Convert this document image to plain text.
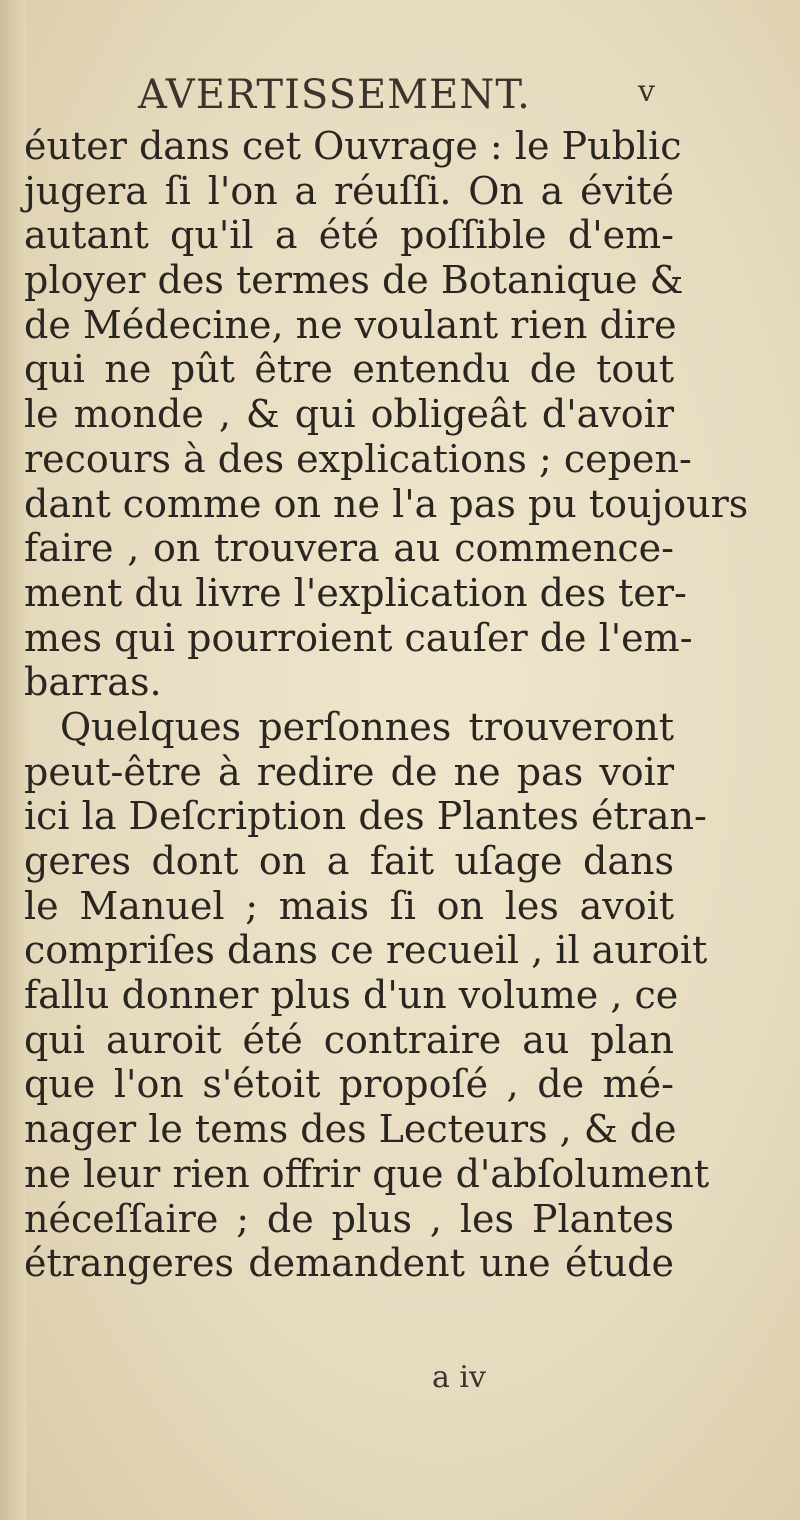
AVERTISSEMENT.	v
éuter dans cet Ouvrage : le Public
jugera ſi l'on a réuſſi. On a évité
autant qu'il a été poſſible d'em-
ployer des termes de Botanique &
de Médecine, ne voulant rien dire
qui ne pût être entendu de tout
le monde , & qui obligeât d'avoir
recours à des explications ; cepen-
dant comme on ne l'a pas pu toujours
faire , on trouvera au commence-
ment du livre l'explication des ter-
mes qui pourroient cauſer de l'em-
barras.
Quelques perſonnes trouveront
peut-être à redire de ne pas voir
ici la Deſcription des Plantes étran-
geres dont on a fait uſage dans
le Manuel ; mais ſi on les avoit
compriſes dans ce recueil , il auroit
fallu donner plus d'un volume , ce
qui auroit été contraire au plan
que l'on s'étoit propoſé , de mé-
nager le tems des Lecteurs , & de
ne leur rien offrir que d'abſolument
néceſſaire ; de plus , les Plantes
étrangeres demandent une étude
a iv
